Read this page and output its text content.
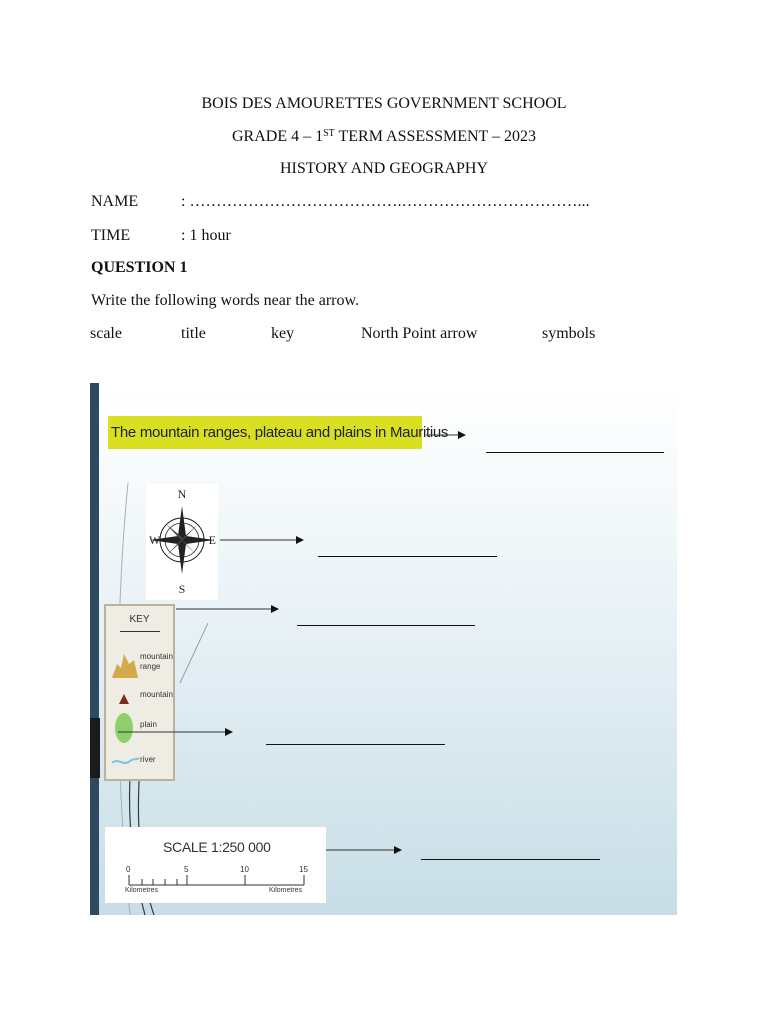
BOIS DES AMOURETTES GOVERNMENT SCHOOL
GRADE 4 – 1ST TERM ASSESSMENT – 2023
HISTORY AND GEOGRAPHY
NAME	: ………………………………….……………………………...
TIME	: 1 hour
QUESTION 1
Write the following words near the arrow.
scale	title	key	North Point arrow	symbols
The mountain ranges, plateau and plains in Mauritius
N
S
W	E
KEY
mountain range
mountain
plain
river
SCALE 1:250 000
0	5	10	15
Kilometres	Kilometres
